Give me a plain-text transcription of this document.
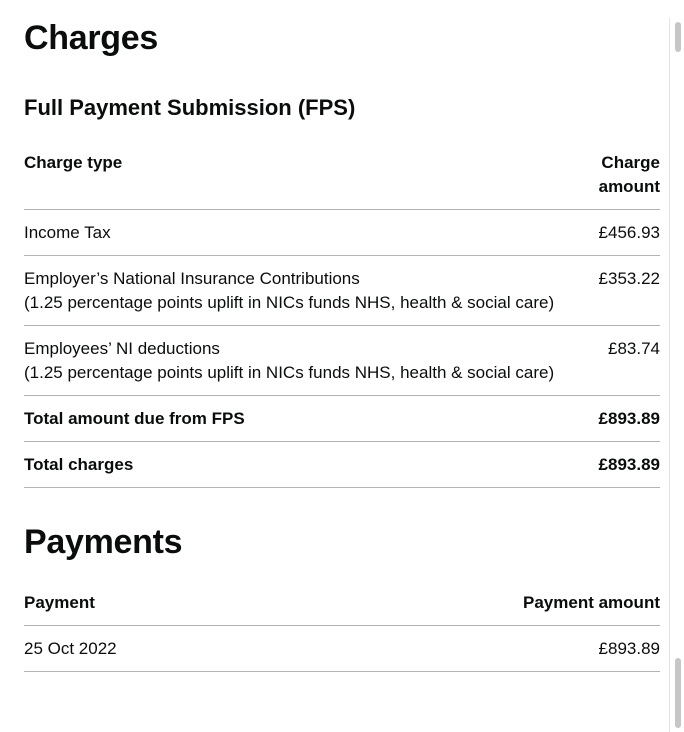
Charges
Full Payment Submission (FPS)
Charge type	Charge
amount

Income Tax	£456.93
Employer’s National Insurance Contributions
(1.25 percentage points uplift in NICs funds NHS, health & social care)	£353.22
Employees’ NI deductions
(1.25 percentage points uplift in NICs funds NHS, health & social care)	£83.74
Total amount due from FPS	£893.89
Total charges	£893.89
Payments
Payment	Payment amount
25 Oct 2022	£893.89
